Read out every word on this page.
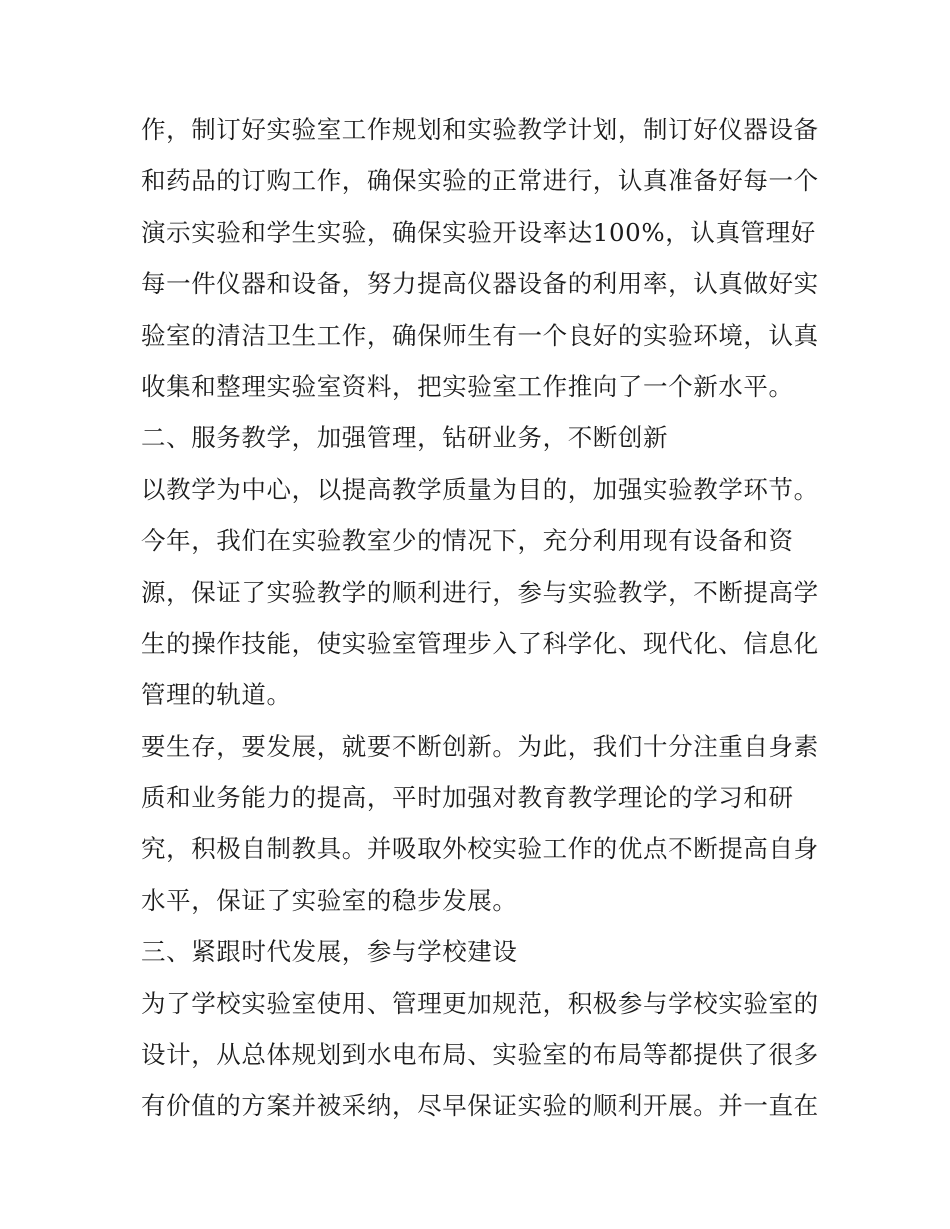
作，制订好实验室工作规划和实验教学计划，制订好仪器设备
和药品的订购工作，确保实验的正常进行，认真准备好每一个
演示实验和学生实验，确保实验开设率达100%，认真管理好
每一件仪器和设备，努力提高仪器设备的利用率，认真做好实
验室的清洁卫生工作，确保师生有一个良好的实验环境，认真
收集和整理实验室资料，把实验室工作推向了一个新水平。
二、服务教学，加强管理，钻研业务，不断创新
以教学为中心，以提高教学质量为目的，加强实验教学环节。
今年，我们在实验教室少的情况下，充分利用现有设备和资
源，保证了实验教学的顺利进行，参与实验教学，不断提高学
生的操作技能，使实验室管理步入了科学化、现代化、信息化
管理的轨道。
要生存，要发展，就要不断创新。为此，我们十分注重自身素
质和业务能力的提高，平时加强对教育教学理论的学习和研
究，积极自制教具。并吸取外校实验工作的优点不断提高自身
水平，保证了实验室的稳步发展。
三、紧跟时代发展，参与学校建设
为了学校实验室使用、管理更加规范，积极参与学校实验室的
设计，从总体规划到水电布局、实验室的布局等都提供了很多
有价值的方案并被采纳，尽早保证实验的顺利开展。并一直在
